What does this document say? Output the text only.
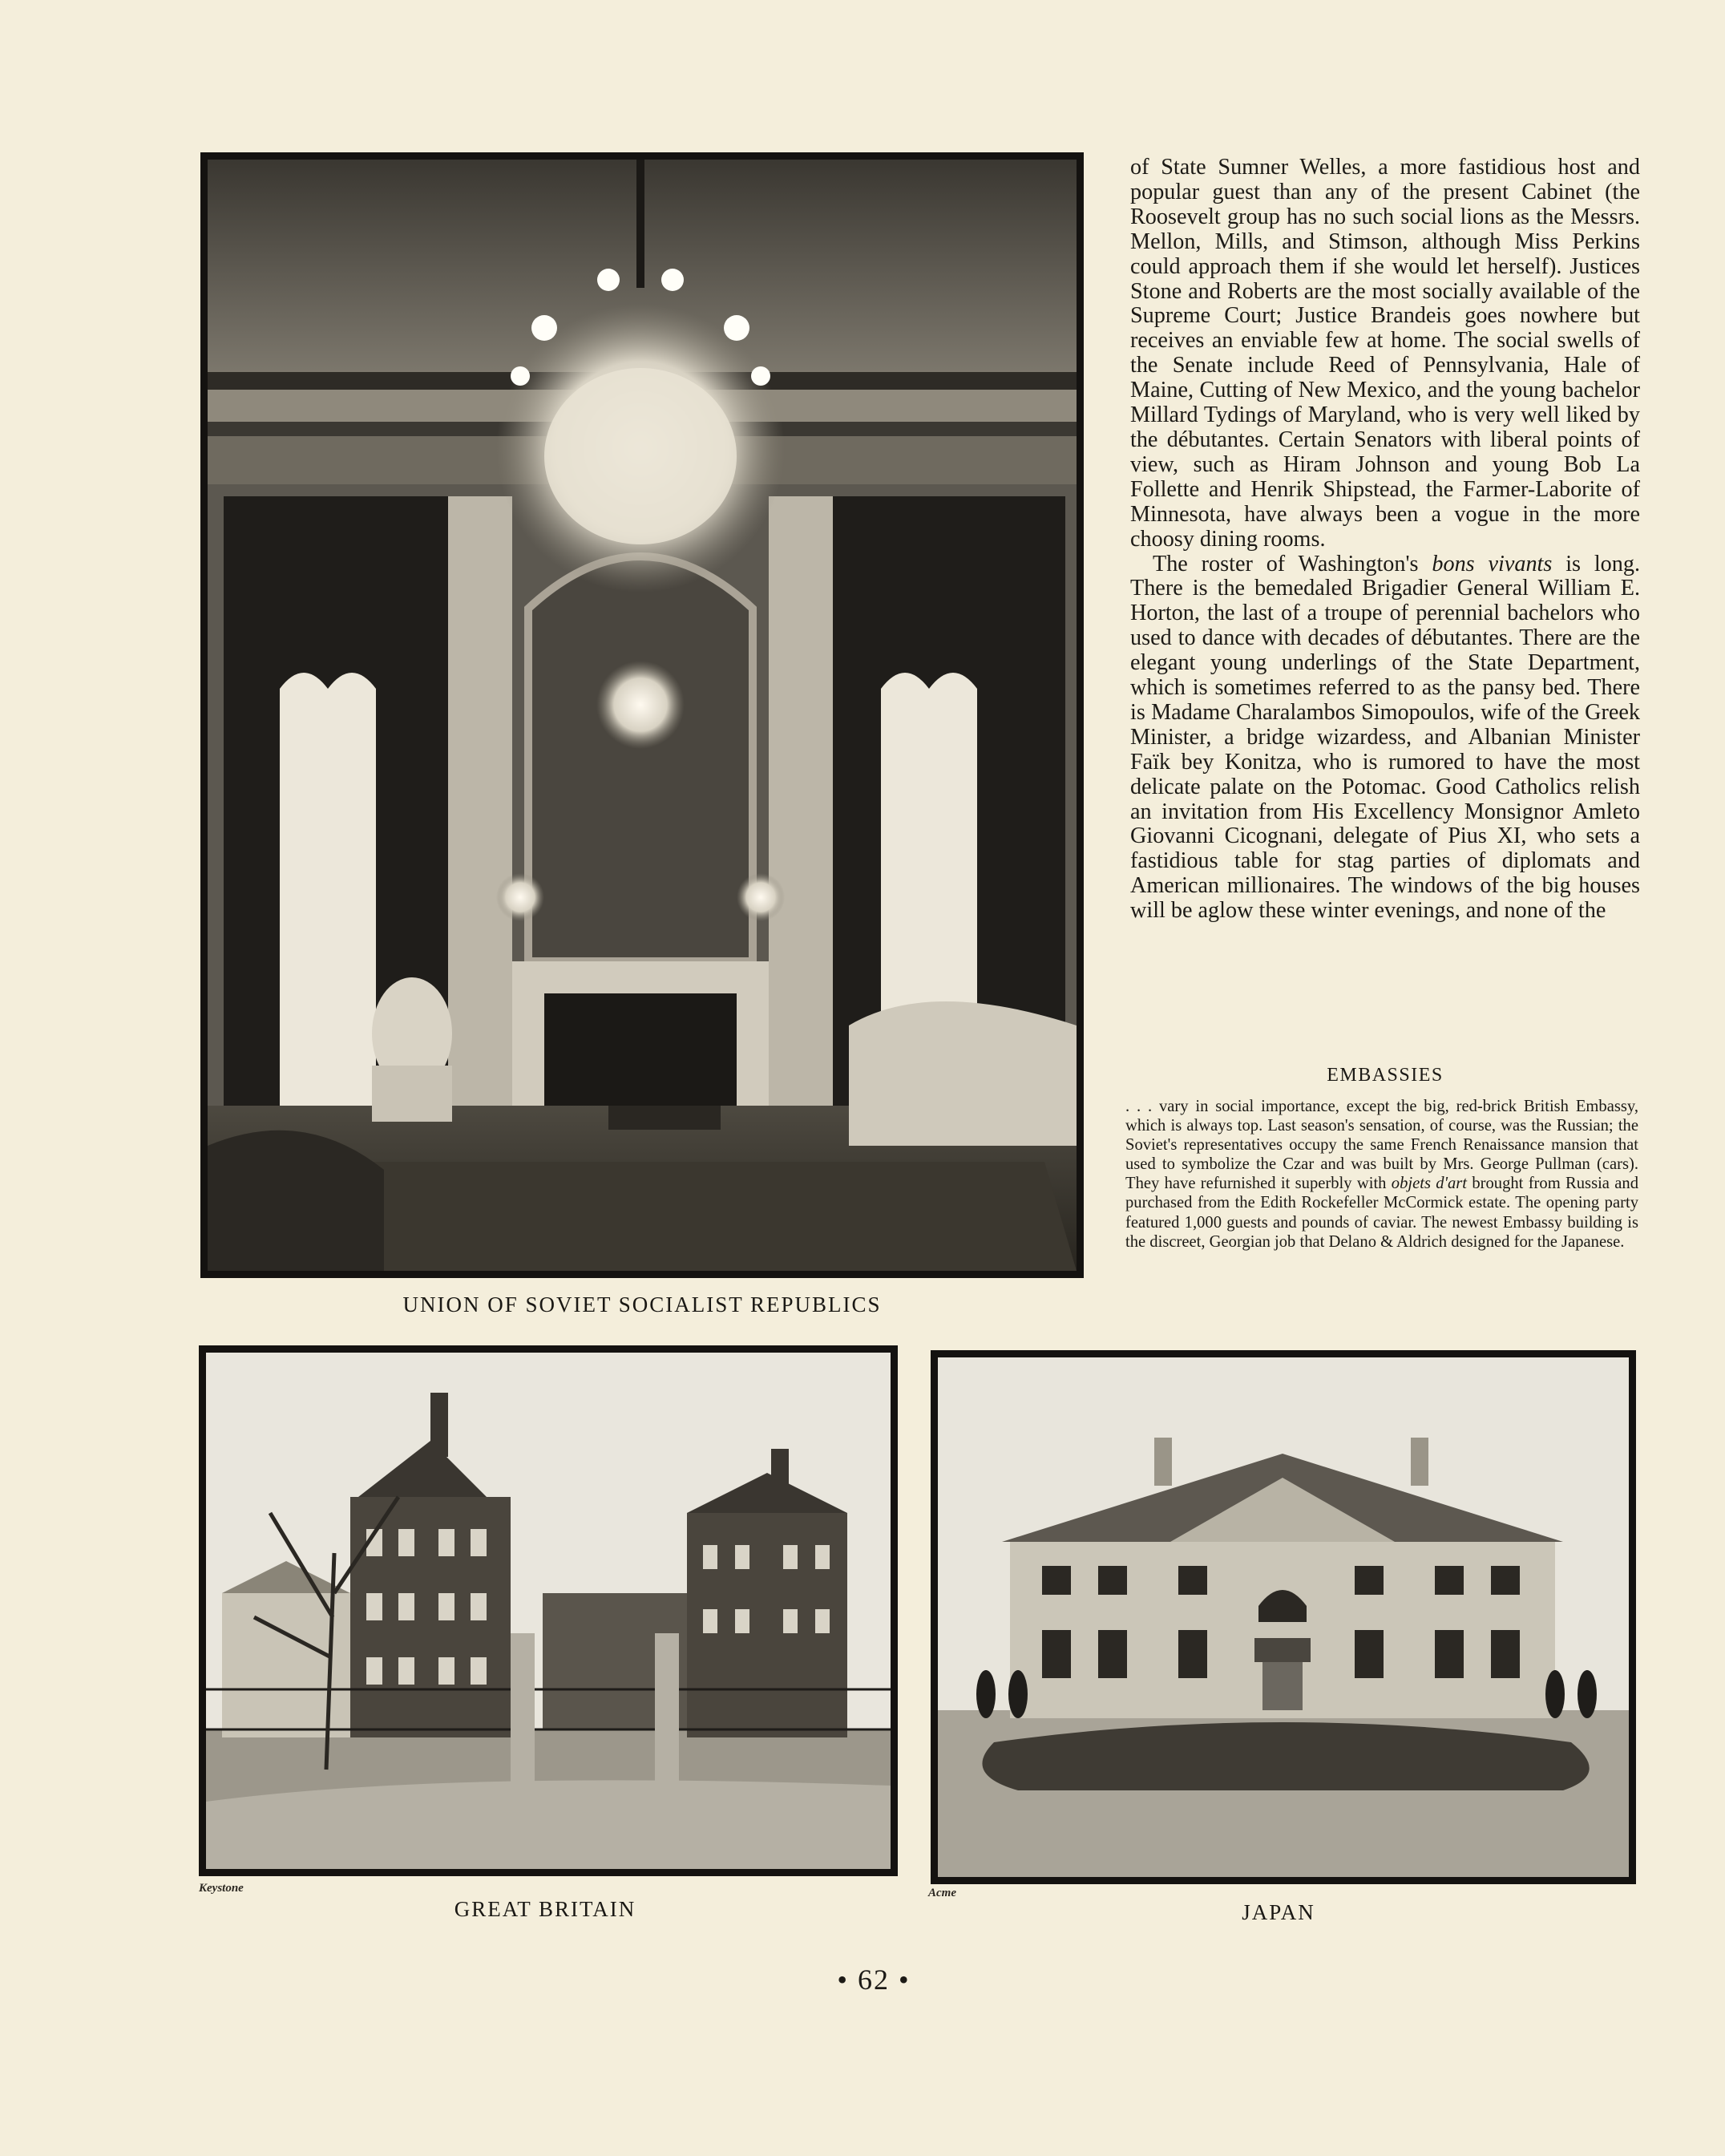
UNION OF SOVIET SOCIALIST REPUBLICS
Keystone
GREAT BRITAIN
Acme
JAPAN

of State Sumner Welles, a more fastidious host and popular guest than any of the present Cabinet (the Roosevelt group has no such social lions as the Messrs. Mellon, Mills, and Stimson, although Miss Perkins could approach them if she would let herself). Justices Stone and Roberts are the most socially available of the Supreme Court; Justice Brandeis goes nowhere but receives an enviable few at home. The social swells of the Senate include Reed of Pennsylvania, Hale of Maine, Cutting of New Mexico, and the young bachelor Millard Tydings of Maryland, who is very well liked by the débutantes. Certain Senators with liberal points of view, such as Hiram Johnson and young Bob La Follette and Henrik Shipstead, the Farmer-Laborite of Minnesota, have always been a vogue in the more choosy dining rooms.

The roster of Washington's bons vivants is long. There is the bemedaled Brigadier General William E. Horton, the last of a troupe of perennial bachelors who used to dance with decades of débutantes. There are the elegant young underlings of the State Department, which is sometimes referred to as the pansy bed. There is Madame Charalambos Simopoulos, wife of the Greek Minister, a bridge wizardess, and Albanian Minister Faïk bey Konitza, who is rumored to have the most delicate palate on the Potomac. Good Catholics relish an invitation from His Excellency Monsignor Amleto Giovanni Cicognani, delegate of Pius XI, who sets a fastidious table for stag parties of diplomats and American millionaires. The windows of the big houses will be aglow these winter evenings, and none of the

EMBASSIES
. . . vary in social importance, except the big, red-brick British Embassy, which is always top. Last season's sensation, of course, was the Russian; the Soviet's representatives occupy the same French Renaissance mansion that used to symbolize the Czar and was built by Mrs. George Pullman (cars). They have refurnished it superbly with objets d'art brought from Russia and purchased from the Edith Rockefeller McCormick estate. The opening party featured 1,000 guests and pounds of caviar. The newest Embassy building is the discreet, Georgian job that Delano & Aldrich designed for the Japanese.
• 62 •
